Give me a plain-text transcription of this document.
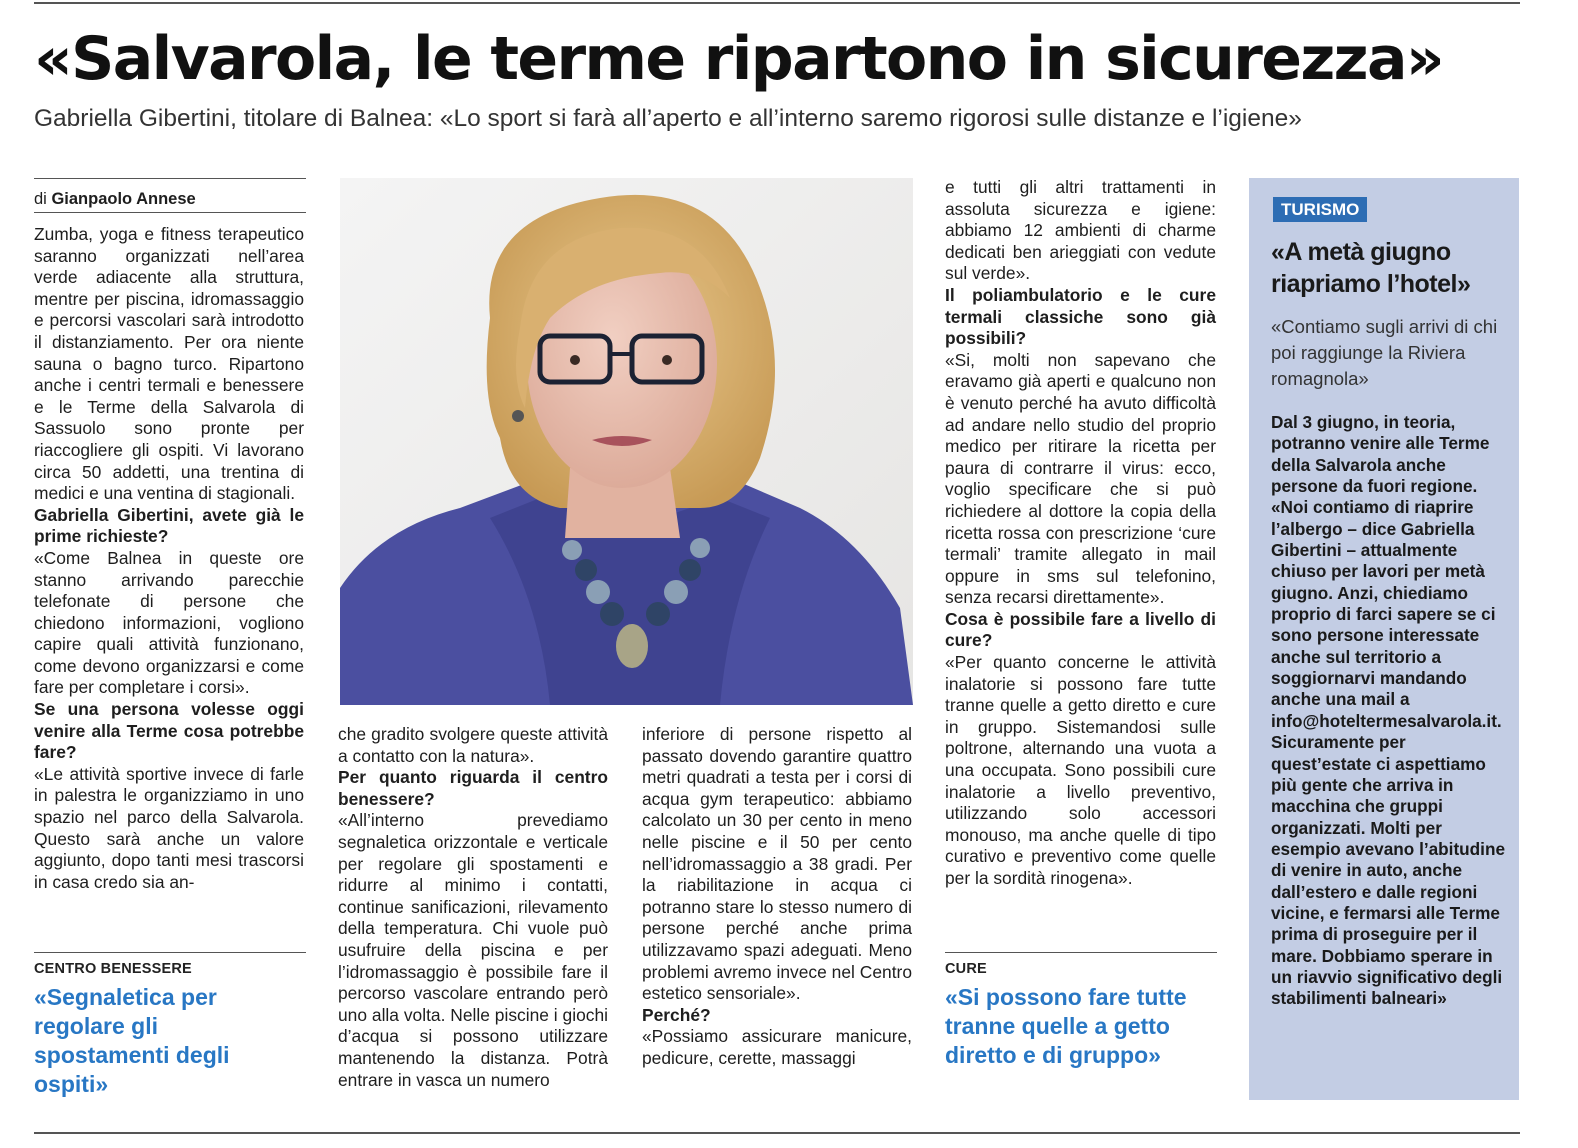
«Salvarola, le terme ripartono in sicurezza»
Gabriella Gibertini, titolare di Balnea: «Lo sport si farà all’aperto e all’interno saremo rigorosi sulle distanze e l’igiene»
di Gianpaolo Annese

Zumba, yoga e fitness terapeutico saranno organizzati nell’area verde adiacente alla struttura, mentre per piscina, idromassaggio e percorsi vascolari sarà introdotto il distanziamento. Per ora niente sauna o bagno turco. Ripartono anche i centri termali e benessere e le Terme della Salvarola di Sassuolo sono pronte per riaccogliere gli ospiti. Vi lavorano circa 50 addetti, una trentina di medici e una ventina di stagionali.

Gabriella Gibertini, avete già le prime richieste?

«Come Balnea in queste ore stanno arrivando parecchie telefonate di persone che chiedono informazioni, vogliono capire quali attività funzionano, come devono organizzarsi e come fare per completare i corsi».

Se una persona volesse oggi venire alla Terme cosa potrebbe fare?

«Le attività sportive invece di farle in palestra le organizziamo in uno spazio nel parco della Salvarola. Questo sarà anche un valore aggiunto, dopo tanti mesi trascorsi in casa credo sia an-

CENTRO BENESSERE
«Segnaletica per regolare gli spostamenti degli ospiti»

che gradito svolgere queste attività a contatto con la natura».

Per quanto riguarda il centro benessere?

«All’interno prevediamo segnaletica orizzontale e verticale per regolare gli spostamenti e ridurre al minimo i contatti, continue sanificazioni, rilevamento della temperatura. Chi vuole può usufruire della piscina e per l’idromassaggio è possibile fare il percorso vascolare entrando però uno alla volta. Nelle piscine i giochi d’acqua si possono utilizzare mantenendo la distanza. Potrà entrare in vasca un numero

inferiore di persone rispetto al passato dovendo garantire quattro metri quadrati a testa per i corsi di acqua gym terapeutico: abbiamo calcolato un 30 per cento in meno nelle piscine e il 50 per cento nell’idromassaggio a 38 gradi. Per la riabilitazione in acqua ci potranno stare lo stesso numero di persone perché anche prima utilizzavamo spazi adeguati. Meno problemi avremo invece nel Centro estetico sensoriale».

Perché?

«Possiamo assicurare manicure, pedicure, cerette, massaggi

e tutti gli altri trattamenti in assoluta sicurezza e igiene: abbiamo 12 ambienti di charme dedicati ben arieggiati con vedute sul verde».

Il poliambulatorio e le cure termali classiche sono già possibili?

«Si, molti non sapevano che eravamo già aperti e qualcuno non è venuto perché ha avuto difficoltà ad andare nello studio del proprio medico per ritirare la ricetta per paura di contrarre il virus: ecco, voglio specificare che si può richiedere al dottore la copia della ricetta rossa con prescrizione ‘cure termali’ tramite allegato in mail oppure in sms sul telefonino, senza recarsi direttamente».

Cosa è possibile fare a livello di cure?

«Per quanto concerne le attività inalatorie si possono fare tutte tranne quelle a getto diretto e cure in gruppo. Sistemandosi sulle poltrone, alternando una vuota a una occupata. Sono possibili cure inalatorie a livello preventivo, utilizzando solo accessori monouso, ma anche quelle di tipo curativo e preventivo come quelle per la sordità rinogena».

CURE
«Si possono fare tutte tranne quelle a getto diretto e di gruppo»
TURISMO
«A metà giugno riapriamo l’hotel»
«Contiamo sugli arrivi di chi poi raggiunge la Riviera romagnola»
Dal 3 giugno, in teoria, potranno venire alle Terme della Salvarola anche persone da fuori regione.
«Noi contiamo di riaprire l’albergo – dice Gabriella Gibertini – attualmente chiuso per lavori per metà giugno. Anzi, chiediamo proprio di farci sapere se ci sono persone interessate anche sul territorio a soggiornarvi mandando anche una mail a info@hoteltermesalvarola.it. Sicuramente per quest’estate ci aspettiamo più gente che arriva in macchina che gruppi organizzati. Molti per esempio avevano l’abitudine di venire in auto, anche dall’estero e dalle regioni vicine, e fermarsi alle Terme prima di proseguire per il mare. Dobbiamo sperare in un riavvio significativo degli stabilimenti balneari»
